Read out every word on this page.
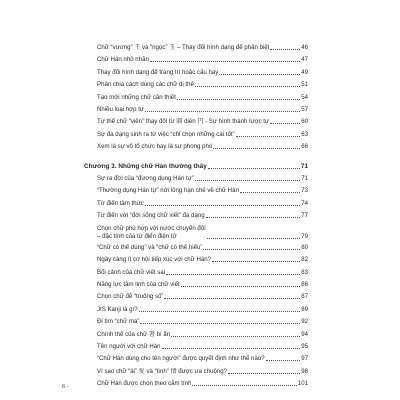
Chữ “vương” 王 và “ngọc” 玉 – Thay đổi hình dạng để phân biệt	46
Chữ Hán nhỏ nhắn	47
Thay đổi hình dạng để trang trí hoặc cấu hay	49
Phân chia cách dùng các chữ dị thể	51
Tạo mới những chữ cần thiết	54
Nhiều loại hợp tự	57
Tự thể chữ “viên” thay đổi từ 圓 diễn 円 - Sự hình thành lược tự	60
Sự đa dạng sinh ra từ việc “chỉ chọn những cái tốt”	63
Xem lá sự vô tổ chức hay là sự phong phú	66
Chương 3. Những chữ Hán thường thấy	71
Sự ra đời của “đương dụng Hán tự”	71
“Thường dụng Hán tự” nới lỏng hạn chế về chữ Hán	73
Từ điển tâm thức	74
Từ điển với “đời sống chữ viết” đa dạng	77
Chọn chữ phù hợp với nước chuyển đổi
– đặc tính của từ điển điện tử	79
“Chữ có thể dùng” và “chữ có thể hiểu”	80
Ngày càng ít cơ hội tiếp xúc với chữ Hán?	82
Bối cảnh của chữ viết sai	83
Năng lực tâm linh của chữ viết	86
Chọn chữ để “truông số”	87
JIS Kanji là gì?	89
Đi tìm “chữ ma”	92
Chính thể của chữ 箸 bí ẩn	94
Tên người với chữ Hán	95
“Chữ Hán dùng cho tên người” được quyết định như thế nào?	97
Vì sao chữ “ái” 愛 và “tình” 情 được ưa chuộng?	98
Chữ Hán được chọn theo cảm tính	101
6 -
